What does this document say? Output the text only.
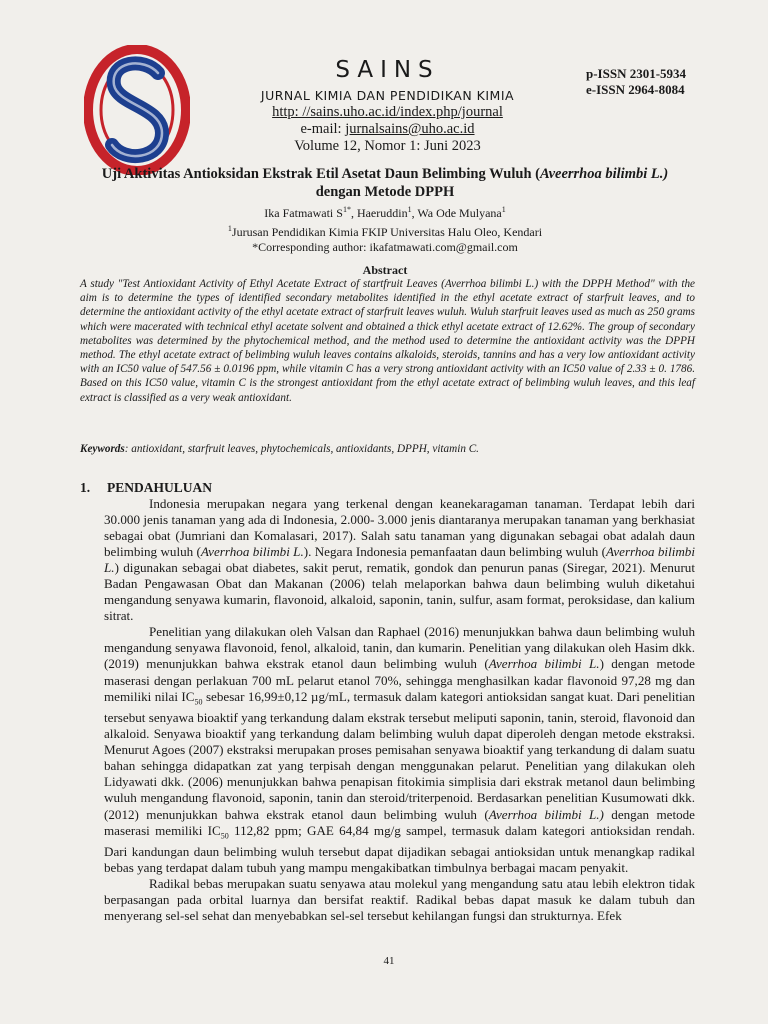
SAINS
JURNAL KIMIA DAN PENDIDIKAN KIMIA
http: //sains.uho.ac.id/index.php/journal
e-mail: jurnalsains@uho.ac.id
Volume 12, Nomor 1: Juni 2023
p-ISSN 2301-5934
e-ISSN 2964-8084
Uji Aktivitas Antioksidan Ekstrak Etil Asetat Daun Belimbing Wuluh (Aveerrhoa bilimbi L.)
dengan Metode DPPH
Ika Fatmawati $S^{1*}$, Haeruddin$^1$, Wa Ode Mulyana$^1$
$^1$Jurusan Pendidikan Kimia FKIP Universitas Halu Oleo, Kendari
*Corresponding author: ikafatmawati.com@gmail.com
Abstract
A study "Test Antioxidant Activity of Ethyl Acetate Extract of startfruit Leaves (Averrhoa bilimbi L.) with the DPPH Method" with the aim is to determine the types of identified secondary metabolites identified in the ethyl acetate extract of starfruit leaves, and to determine the antioxidant activity of the ethyl acetate extract of starfruit leaves wuluh. Wuluh starfruit leaves used as much as 250 grams which were macerated with technical ethyl acetate solvent and obtained a thick ethyl acetate extract of 12.62%. The group of secondary metabolites was determined by the phytochemical method, and the method used to determine the antioxidant activity was the DPPH method. The ethyl acetate extract of belimbing wuluh leaves contains alkaloids, steroids, tannins and has a very low antioxidant activity with an IC50 value of 547.56 ± 0.0196 ppm, while vitamin C has a very strong antioxidant activity with an IC50 value of 2.33 ± 0. 1786. Based on this IC50 value, vitamin C is the strongest antioxidant from the ethyl acetate extract of belimbing wuluh leaves, and this leaf extract is classified as a very weak antioxidant.
Keywords: antioxidant, starfruit leaves, phytochemicals, antioxidants, DPPH, vitamin C.
1. PENDAHULUAN

Indonesia merupakan negara yang terkenal dengan keanekaragaman tanaman. Terdapat lebih dari 30.000 jenis tanaman yang ada di Indonesia, 2.000- 3.000 jenis diantaranya merupakan tanaman yang berkhasiat sebagai obat (Jumriani dan Komalasari, 2017). Salah satu tanaman yang digunakan sebagai obat adalah daun belimbing wuluh (Averrhoa bilimbi L.). Negara Indonesia pemanfaatan daun belimbing wuluh (Averrhoa bilimbi L.) digunakan sebagai obat diabetes, sakit perut, rematik, gondok dan penurun panas (Siregar, 2021). Menurut Badan Pengawasan Obat dan Makanan (2006) telah melaporkan bahwa daun belimbing wuluh diketahui mengandung senyawa kumarin, flavonoid, alkaloid, saponin, tanin, sulfur, asam format, peroksidase, dan kalium sitrat.

Penelitian yang dilakukan oleh Valsan dan Raphael (2016) menunjukkan bahwa daun belimbing wuluh mengandung senyawa flavonoid, fenol, alkaloid, tanin, dan kumarin. Penelitian yang dilakukan oleh Hasim dkk. (2019) menunjukkan bahwa ekstrak etanol daun belimbing wuluh (Averrhoa bilimbi L.) dengan metode maserasi dengan perlakuan 700 mL pelarut etanol 70%, sehingga menghasilkan kadar flavonoid 97,28 mg dan memiliki nilai $IC_{50}$ sebesar 16,99±0,12 µg/mL, termasuk dalam kategori antioksidan sangat kuat. Dari penelitian tersebut senyawa bioaktif yang terkandung dalam ekstrak tersebut meliputi saponin, tanin, steroid, flavonoid dan alkaloid. Senyawa bioaktif yang terkandung dalam belimbing wuluh dapat diperoleh dengan metode ekstraksi. Menurut Agoes (2007) ekstraksi merupakan proses pemisahan senyawa bioaktif yang terkandung di dalam suatu bahan sehingga didapatkan zat yang terpisah dengan menggunakan pelarut. Penelitian yang dilakukan oleh Lidyawati dkk. (2006) menunjukkan bahwa penapisan fitokimia simplisia dari ekstrak metanol daun belimbing wuluh mengandung flavonoid, saponin, tanin dan steroid/triterpenoid. Berdasarkan penelitian Kusumowati dkk. (2012) menunjukkan bahwa ekstrak etanol daun belimbing wuluh (Averrhoa bilimbi L.) dengan metode maserasi memiliki $IC_{50}$ 112,82 ppm; GAE 64,84 mg/g sampel, termasuk dalam kategori antioksidan rendah. Dari kandungan daun belimbing wuluh tersebut dapat dijadikan sebagai antioksidan untuk menangkap radikal bebas yang terdapat dalam tubuh yang mampu mengakibatkan timbulnya berbagai macam penyakit.

Radikal bebas merupakan suatu senyawa atau molekul yang mengandung satu atau lebih elektron tidak berpasangan pada orbital luarnya dan bersifat reaktif. Radikal bebas dapat masuk ke dalam tubuh dan menyerang sel-sel sehat dan menyebabkan sel-sel tersebut kehilangan fungsi dan strukturnya. Efek

41
